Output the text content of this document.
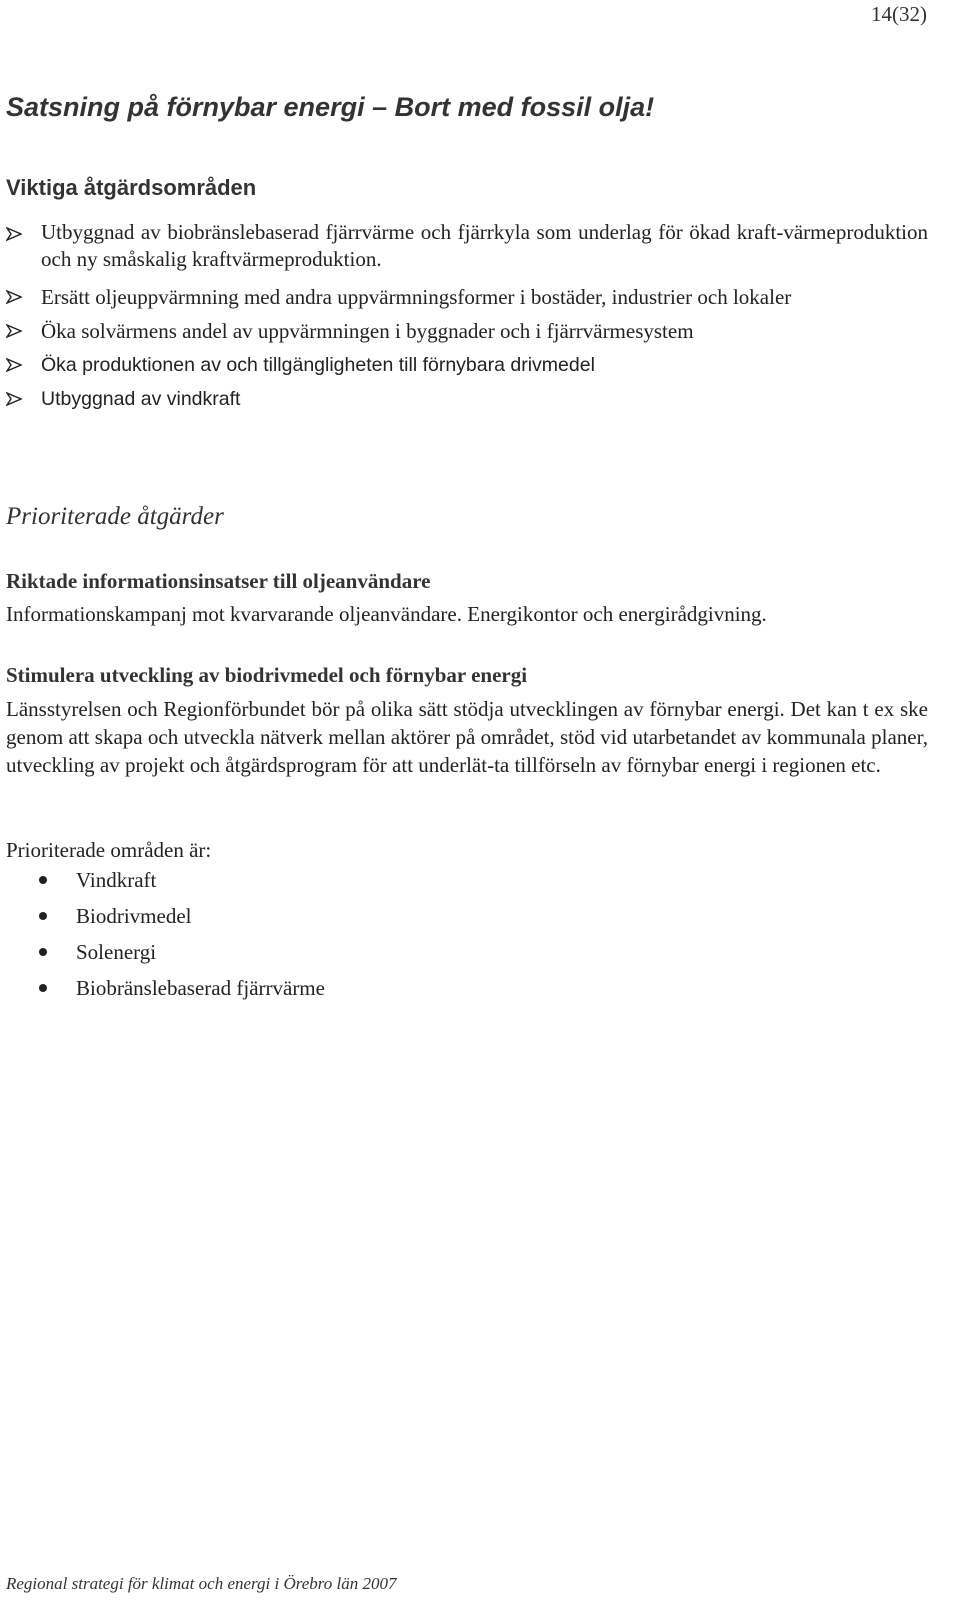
14(32)
Satsning på förnybar energi – Bort med fossil olja!
Viktiga åtgärdsområden
Utbyggnad av biobränslebaserad fjärrvärme och fjärrkyla som underlag för ökad kraft-värmeproduktion och ny småskalig kraftvärmeproduktion.
Ersätt oljeuppvärmning med andra uppvärmningsformer i bostäder, industrier och lokaler
Öka solvärmens andel av uppvärmningen i byggnader och i fjärrvärmesystem
Öka produktionen av och tillgängligheten till förnybara drivmedel
Utbyggnad av vindkraft
Prioriterade åtgärder
Riktade informationsinsatser till oljeanvändare

Informationskampanj mot kvarvarande oljeanvändare. Energikontor och energirådgivning.

Stimulera utveckling av biodrivmedel och förnybar energi

Länsstyrelsen och Regionförbundet bör på olika sätt stödja utvecklingen av förnybar energi. Det kan t ex ske genom att skapa och utveckla nätverk mellan aktörer på området, stöd vid utarbetandet av kommunala planer, utveckling av projekt och åtgärdsprogram för att underlät-ta tillförseln av förnybar energi i regionen etc.

Prioriterade områden är:

Vindkraft
Biodrivmedel
Solenergi
Biobränslebaserad fjärrvärme
Regional strategi för klimat och energi i Örebro län 2007
